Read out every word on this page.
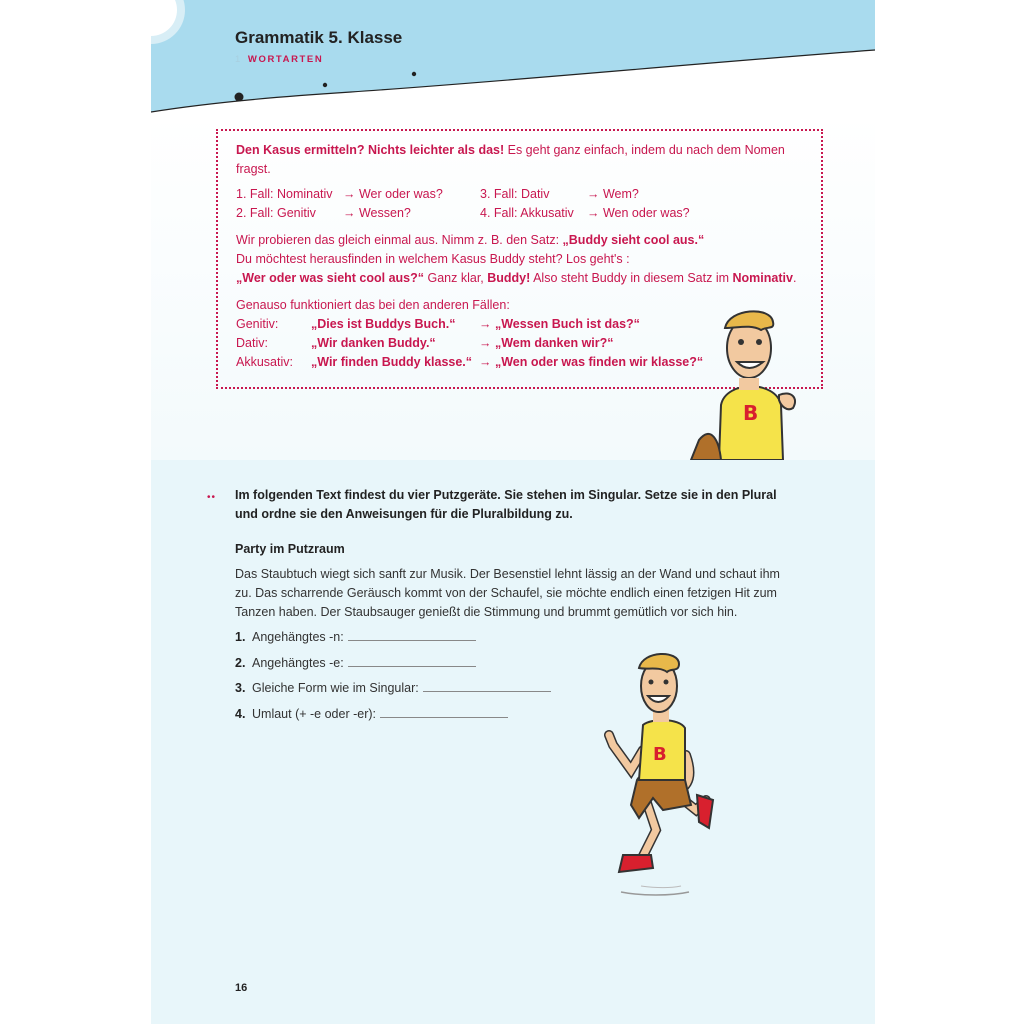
Grammatik 5. Klasse
1 WORTARTEN

Den Kasus ermitteln? Nichts leichter als das! Es geht ganz einfach, indem du nach dem Nomen fragst.

1. Fall: Nominativ → Wer oder was?	3. Fall: Dativ	→ Wem?
2. Fall: Genitiv	→ Wessen?	4. Fall: Akkusativ	→ Wen oder was?
Wir probieren das gleich einmal aus. Nimm z. B. den Satz: „Buddy sieht cool aus.“
Du möchtest herausfinden in welchem Kasus Buddy steht? Los geht's :
„Wer oder was sieht cool aus?“ Ganz klar, Buddy! Also steht Buddy in diesem Satz im Nominativ.
Genauso funktioniert das bei den anderen Fällen:
Genitiv:	„Dies ist Buddys Buch.“	→ „Wessen Buch ist das?“
Dativ:	„Wir danken Buddy.“	→ „Wem danken wir?“
Akkusativ:	„Wir finden Buddy klasse.“ → „Wen oder was finden wir klasse?“
B
•• Im folgenden Text findest du vier Putzgeräte. Sie stehen im Singular. Setze sie in den Plural und ordne sie den Anweisungen für die Pluralbildung zu.
Party im Putzraum
Das Staubtuch wiegt sich sanft zur Musik. Der Besenstiel lehnt lässig an der Wand und schaut ihm zu. Das scharrende Geräusch kommt von der Schaufel, sie möchte endlich einen fetzigen Hit zum Tanzen haben. Der Staubsauger genießt die Stimmung und brummt gemütlich vor sich hin.
1. Angehängtes -n:
2. Angehängtes -e:
3. Gleiche Form wie im Singular:
4. Umlaut (+ -e oder -er):
B
16
